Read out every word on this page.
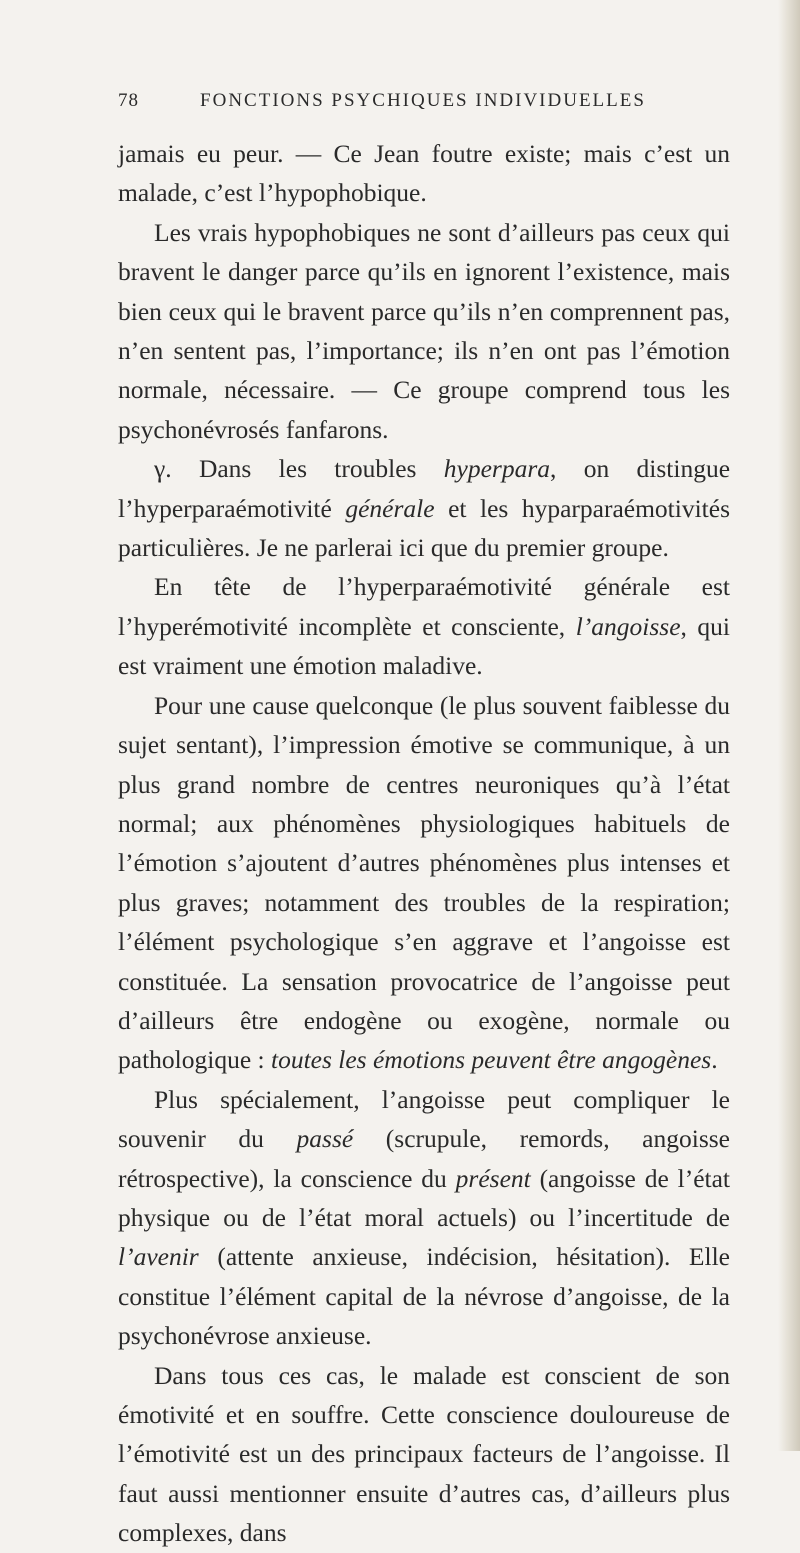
78	FONCTIONS PSYCHIQUES INDIVIDUELLES

jamais eu peur. — Ce Jean foutre existe; mais c’est un malade, c’est l’hypophobique.

Les vrais hypophobiques ne sont d’ailleurs pas ceux qui bravent le danger parce qu’ils en ignorent l’existence, mais bien ceux qui le bravent parce qu’ils n’en comprennent pas, n’en sentent pas, l’importance; ils n’en ont pas l’émotion normale, nécessaire. — Ce groupe comprend tous les psychonévrosés fanfarons.

γ. Dans les troubles hyperpara, on distingue l’hyperparaémotivité générale et les hyparparaémotivités particulières. Je ne parlerai ici que du premier groupe.

En tête de l’hyperparaémotivité générale est l’hyperémotivité incomplète et consciente, l’angoisse, qui est vraiment une émotion maladive.

Pour une cause quelconque (le plus souvent faiblesse du sujet sentant), l’impression émotive se communique, à un plus grand nombre de centres neuroniques qu’à l’état normal; aux phénomènes physiologiques habituels de l’émotion s’ajoutent d’autres phénomènes plus intenses et plus graves; notamment des troubles de la respiration; l’élément psychologique s’en aggrave et l’angoisse est constituée. La sensation provocatrice de l’angoisse peut d’ailleurs être endogène ou exogène, normale ou pathologique : toutes les émotions peuvent être angogènes.

Plus spécialement, l’angoisse peut compliquer le souvenir du passé (scrupule, remords, angoisse rétrospective), la conscience du présent (angoisse de l’état physique ou de l’état moral actuels) ou l’incertitude de l’avenir (attente anxieuse, indécision, hésitation). Elle constitue l’élément capital de la névrose d’angoisse, de la psychonévrose anxieuse.

Dans tous ces cas, le malade est conscient de son émotivité et en souffre. Cette conscience douloureuse de l’émotivité est un des principaux facteurs de l’angoisse. Il faut aussi mentionner ensuite d’autres cas, d’ailleurs plus complexes, dans
